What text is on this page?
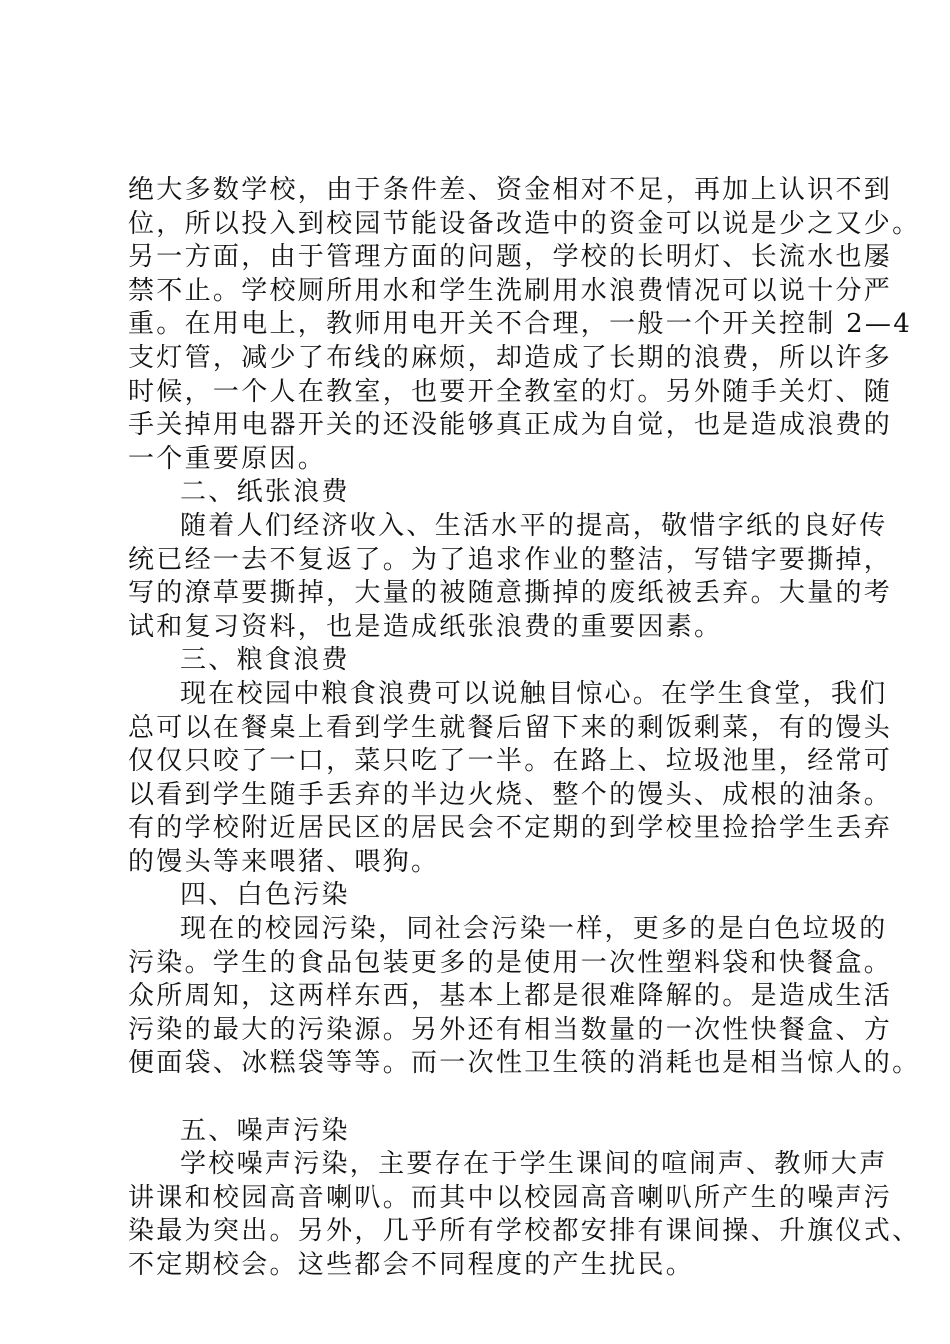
绝大多数学校，由于条件差、资金相对不足，再加上认识不到
位，所以投入到校园节能设备改造中的资金可以说是少之又少。
另一方面，由于管理方面的问题，学校的长明灯、长流水也屡
禁不止。学校厕所用水和学生洗刷用水浪费情况可以说十分严
重。在用电上，教师用电开关不合理，一般一个开关控制 2—4
支灯管，减少了布线的麻烦，却造成了长期的浪费，所以许多
时候，一个人在教室，也要开全教室的灯。另外随手关灯、随
手关掉用电器开关的还没能够真正成为自觉，也是造成浪费的
一个重要原因。
二、纸张浪费
随着人们经济收入、生活水平的提高，敬惜字纸的良好传
统已经一去不复返了。为了追求作业的整洁，写错字要撕掉，
写的潦草要撕掉，大量的被随意撕掉的废纸被丢弃。大量的考
试和复习资料，也是造成纸张浪费的重要因素。
三、粮食浪费
现在校园中粮食浪费可以说触目惊心。在学生食堂，我们
总可以在餐桌上看到学生就餐后留下来的剩饭剩菜，有的馒头
仅仅只咬了一口，菜只吃了一半。在路上、垃圾池里，经常可
以看到学生随手丢弃的半边火烧、整个的馒头、成根的油条。
有的学校附近居民区的居民会不定期的到学校里捡拾学生丢弃
的馒头等来喂猪、喂狗。
四、白色污染
现在的校园污染，同社会污染一样，更多的是白色垃圾的
污染。学生的食品包装更多的是使用一次性塑料袋和快餐盒。
众所周知，这两样东西，基本上都是很难降解的。是造成生活
污染的最大的污染源。另外还有相当数量的一次性快餐盒、方
便面袋、冰糕袋等等。而一次性卫生筷的消耗也是相当惊人的。
五、噪声污染
学校噪声污染，主要存在于学生课间的喧闹声、教师大声
讲课和校园高音喇叭。而其中以校园高音喇叭所产生的噪声污
染最为突出。另外，几乎所有学校都安排有课间操、升旗仪式、
不定期校会。这些都会不同程度的产生扰民。
